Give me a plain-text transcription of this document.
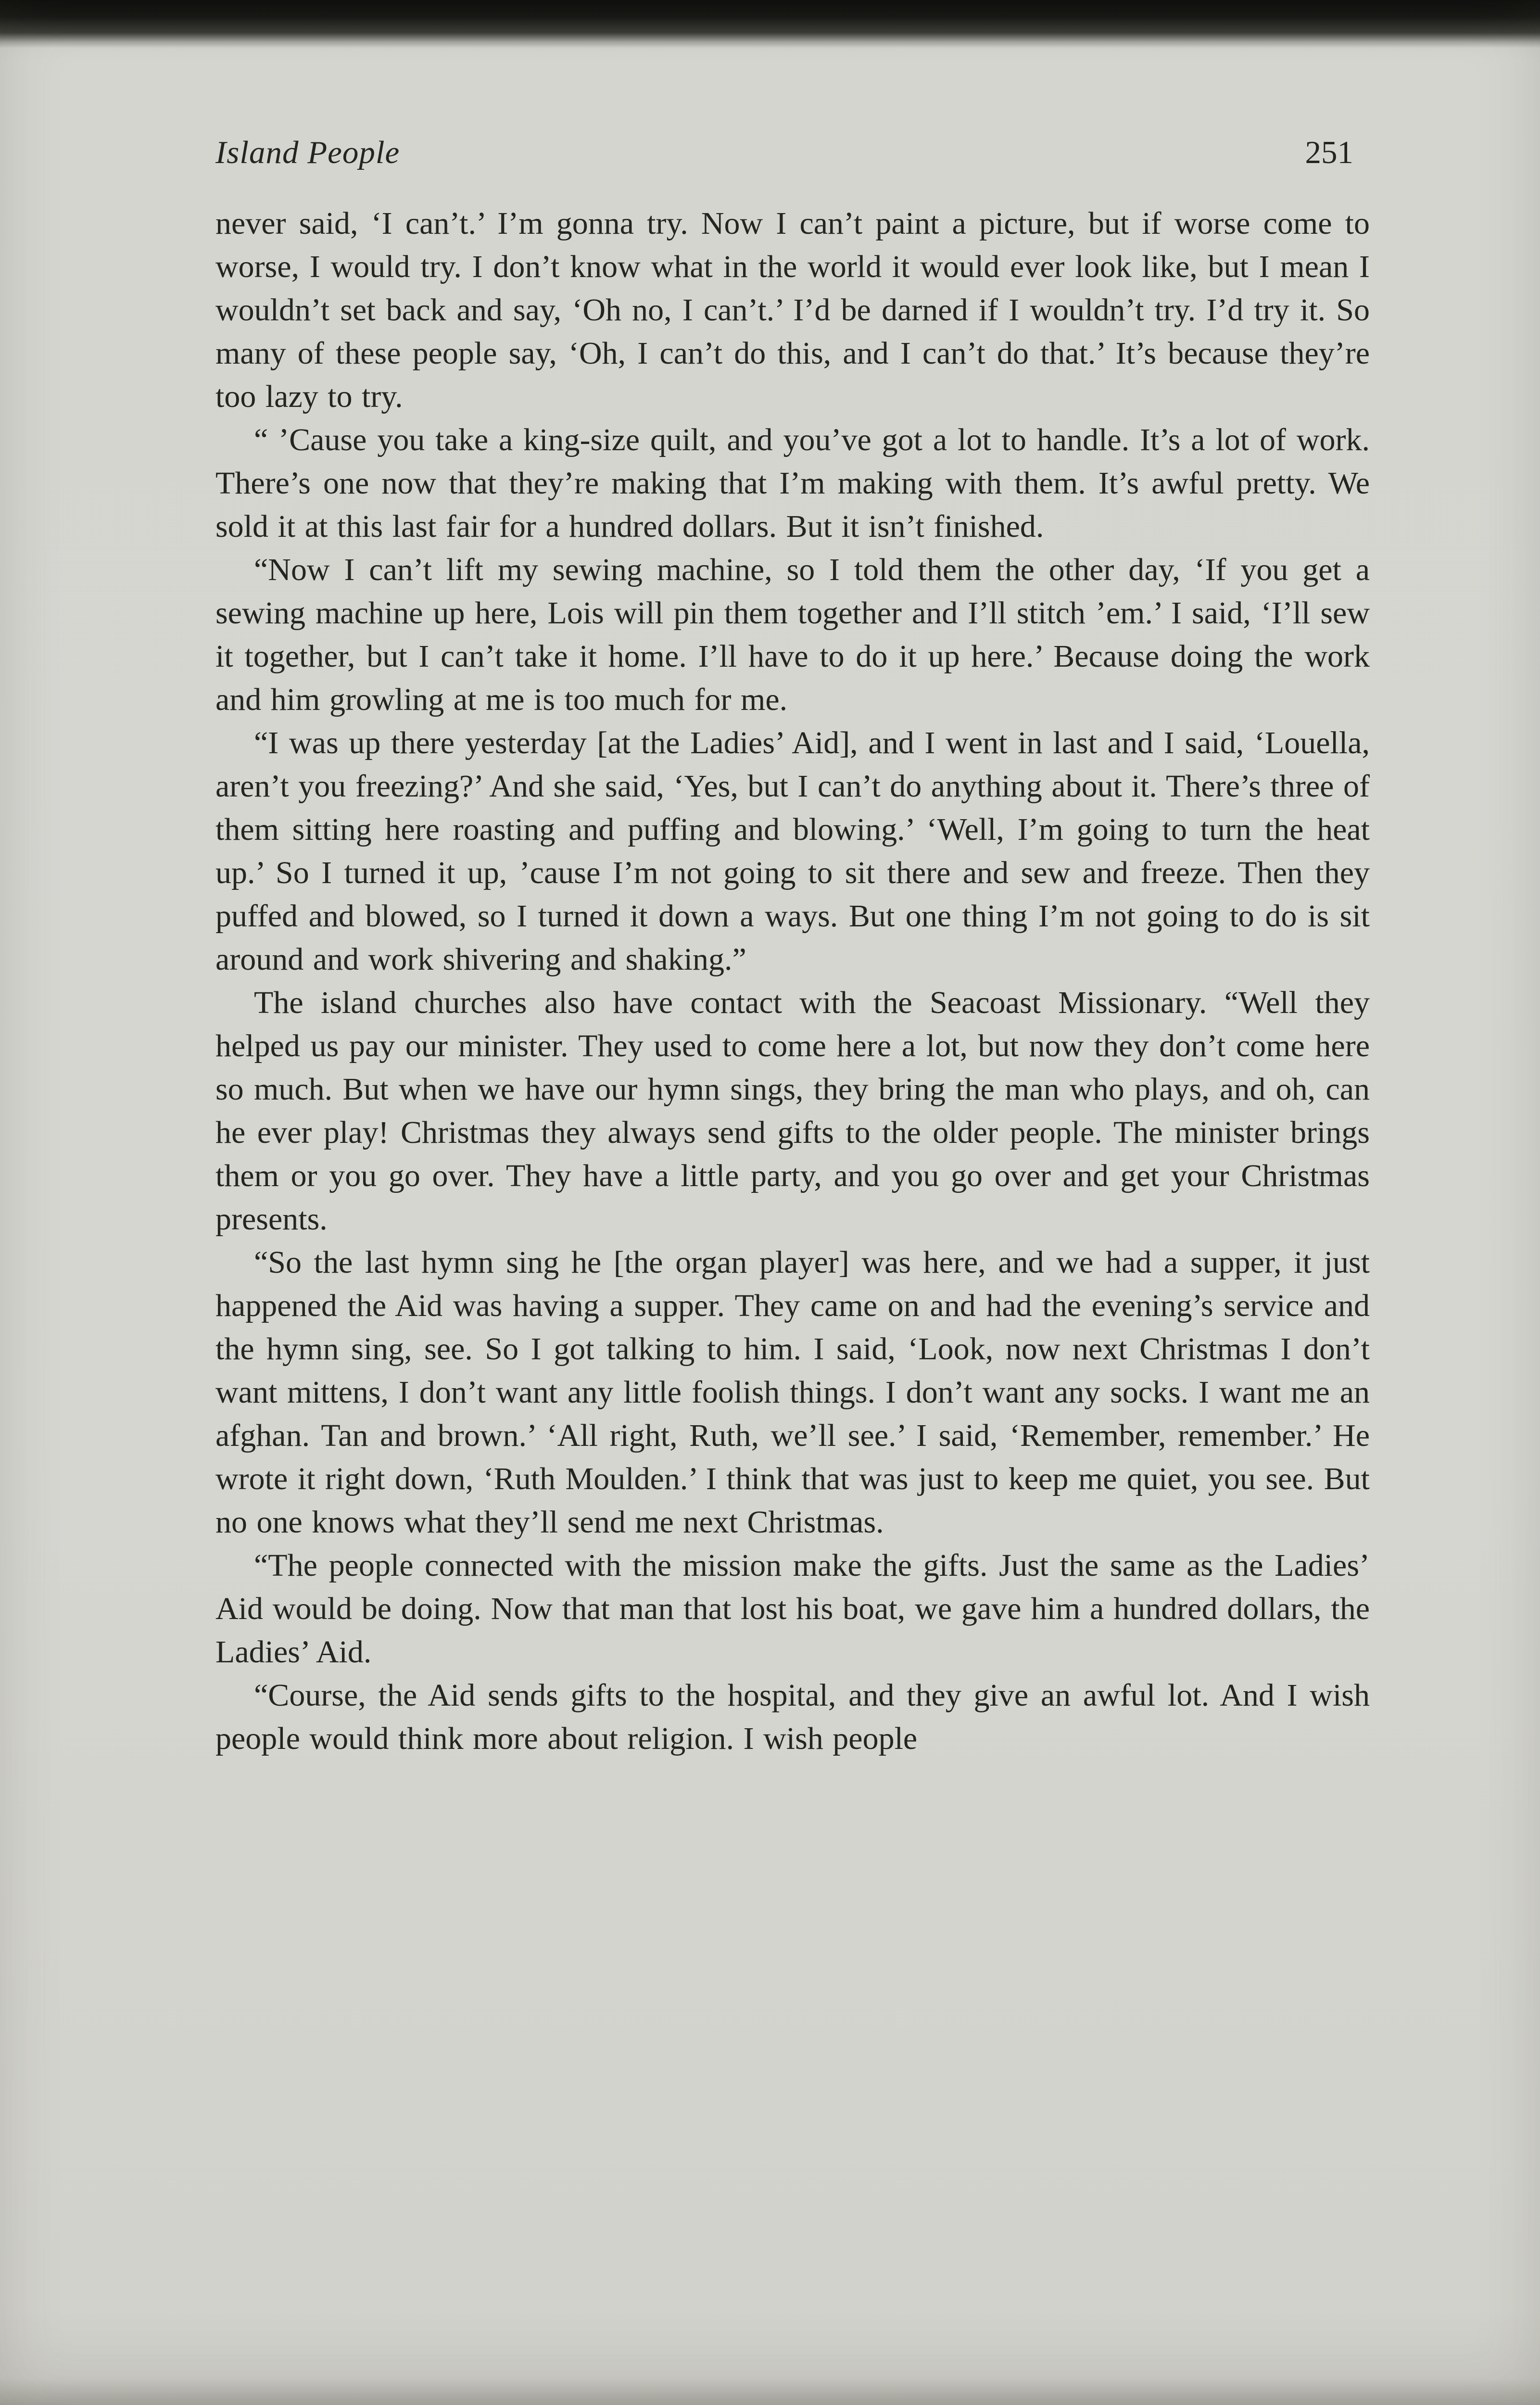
Island People	251

never said, ‘I can’t.’ I’m gonna try. Now I can’t paint a picture, but if worse come to worse, I would try. I don’t know what in the world it would ever look like, but I mean I wouldn’t set back and say, ‘Oh no, I can’t.’ I’d be darned if I wouldn’t try. I’d try it. So many of these people say, ‘Oh, I can’t do this, and I can’t do that.’ It’s because they’re too lazy to try.

“ ’Cause you take a king-size quilt, and you’ve got a lot to handle. It’s a lot of work. There’s one now that they’re making that I’m making with them. It’s awful pretty. We sold it at this last fair for a hundred dollars. But it isn’t finished.

“Now I can’t lift my sewing machine, so I told them the other day, ‘If you get a sewing machine up here, Lois will pin them together and I’ll stitch ’em.’ I said, ‘I’ll sew it together, but I can’t take it home. I’ll have to do it up here.’ Because doing the work and him growling at me is too much for me.

“I was up there yesterday [at the Ladies’ Aid], and I went in last and I said, ‘Louella, aren’t you freezing?’ And she said, ‘Yes, but I can’t do anything about it. There’s three of them sitting here roasting and puffing and blowing.’ ‘Well, I’m going to turn the heat up.’ So I turned it up, ’cause I’m not going to sit there and sew and freeze. Then they puffed and blowed, so I turned it down a ways. But one thing I’m not going to do is sit around and work shivering and shaking.”

The island churches also have contact with the Seacoast Missionary. “Well they helped us pay our minister. They used to come here a lot, but now they don’t come here so much. But when we have our hymn sings, they bring the man who plays, and oh, can he ever play! Christmas they always send gifts to the older people. The minister brings them or you go over. They have a little party, and you go over and get your Christmas presents.

“So the last hymn sing he [the organ player] was here, and we had a supper, it just happened the Aid was having a supper. They came on and had the evening’s service and the hymn sing, see. So I got talking to him. I said, ‘Look, now next Christmas I don’t want mittens, I don’t want any little foolish things. I don’t want any socks. I want me an afghan. Tan and brown.’ ‘All right, Ruth, we’ll see.’ I said, ‘Remember, remember.’ He wrote it right down, ‘Ruth Moulden.’ I think that was just to keep me quiet, you see. But no one knows what they’ll send me next Christmas.

“The people connected with the mission make the gifts. Just the same as the Ladies’ Aid would be doing. Now that man that lost his boat, we gave him a hundred dollars, the Ladies’ Aid.

“Course, the Aid sends gifts to the hospital, and they give an awful lot. And I wish people would think more about religion. I wish people
